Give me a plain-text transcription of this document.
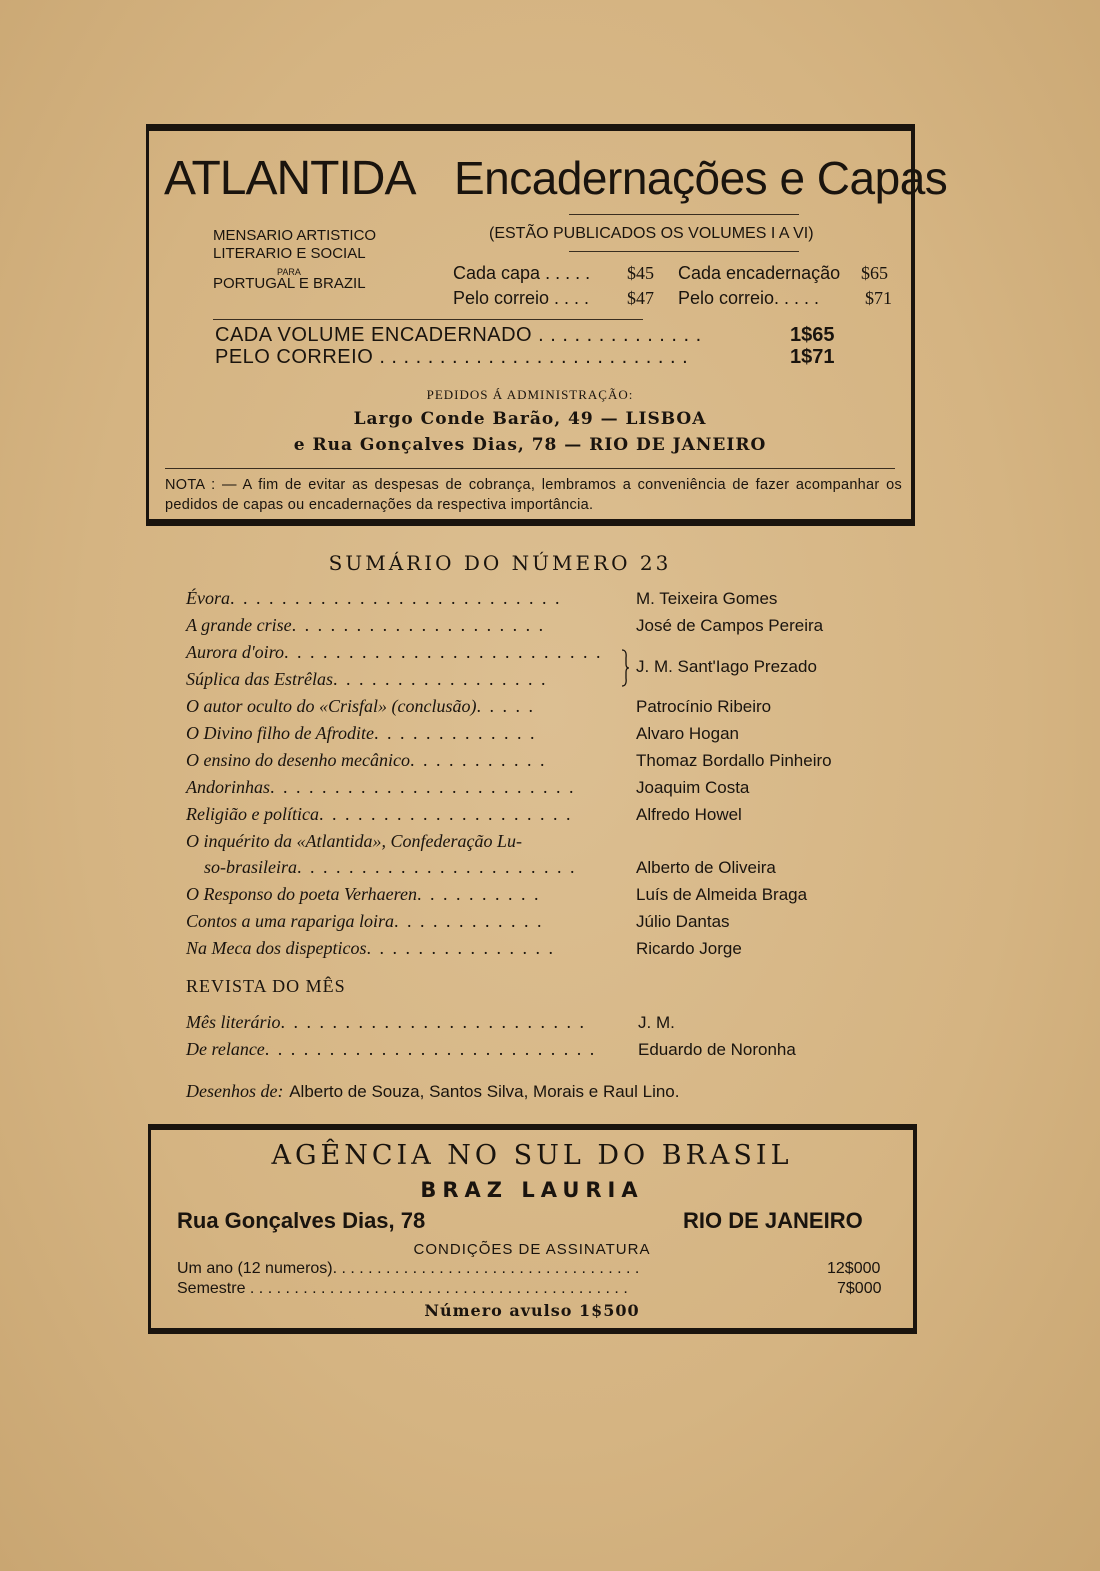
ATLANTIDA Encadernações e Capas
MENSARIO ARTISTICO
LITERARIO E SOCIAL
PARA
PORTUGAL E BRAZIL
(ESTÃO PUBLICADOS OS VOLUMES I A VI)
Cada capa . . . . . $45 Cada encadernação $65
Pelo correio . . . . $47 Pelo correio. . . . .	$71
CADA VOLUME ENCADERNADO . . . . . . . . . . . . . .	1$65
PELO CORREIO . . . . . . . . . . . . . . . . . . . . . . . . . .	1$71
PEDIDOS Á ADMINISTRAÇÃO:
Largo Conde Barão, 49 — LISBOA
e Rua Gonçalves Dias, 78 — RIO DE JANEIRO
NOTA : — A fim de evitar as despesas de cobrança, lembramos a conveniência de fazer acompanhar os pedidos de capas ou encadernações da respectiva importância.
SUMÁRIO DO NÚMERO 23
Évora. . . . . . . . . . . . . . . . . . . . . . . . . .	M. Teixeira Gomes
A grande crise. . . . . . . . . . . . . . . . . . . .	José de Campos Pereira
Aurora d'oiro. . . . . . . . . . . . . . . . . . . . . . . . .
Súplica das Estrêlas. . . . . . . . . . . . . . . . .
J. M. Sant'Iago Prezado
O autor oculto do «Crisfal» (conclusão). . . . .	Patrocínio Ribeiro
O Divino filho de Afrodite. . . . . . . . . . . . .	Alvaro Hogan
O ensino do desenho mecânico. . . . . . . . . . .	Thomaz Bordallo Pinheiro
Andorinhas. . . . . . . . . . . . . . . . . . . . . . . .	Joaquim Costa
Religião e política. . . . . . . . . . . . . . . . . . . .	Alfredo Howel
O inquérito da «Atlantida», Confederação Lu-
so-brasileira. . . . . . . . . . . . . . . . . . . . . .	Alberto de Oliveira
O Responso do poeta Verhaeren. . . . . . . . . .	Luís de Almeida Braga
Contos a uma rapariga loira. . . . . . . . . . . .	Júlio Dantas
Na Meca dos dispepticos. . . . . . . . . . . . . . .	Ricardo Jorge
REVISTA DO MÊS
Mês literário. . . . . . . . . . . . . . . . . . . . . . . .	J. M.
De relance. . . . . . . . . . . . . . . . . . . . . . . . . . Eduardo de Noronha
Desenhos de: Alberto de Souza, Santos Silva, Morais e Raul Lino.
AGÊNCIA NO SUL DO BRASIL
BRAZ LAURIA
Rua Gonçalves Dias, 78	RIO DE JANEIRO
CONDIÇÕES DE ASSINATURA
Um ano (12 numeros). . . . . . . . . . . . . . . . . . . . . . . . . . . . . . . . . . .	12$000
Semestre . . . . . . . . . . . . . . . . . . . . . . . . . . . . . . . . . . . . . . . . . . .	7$000
Número avulso 1$500
